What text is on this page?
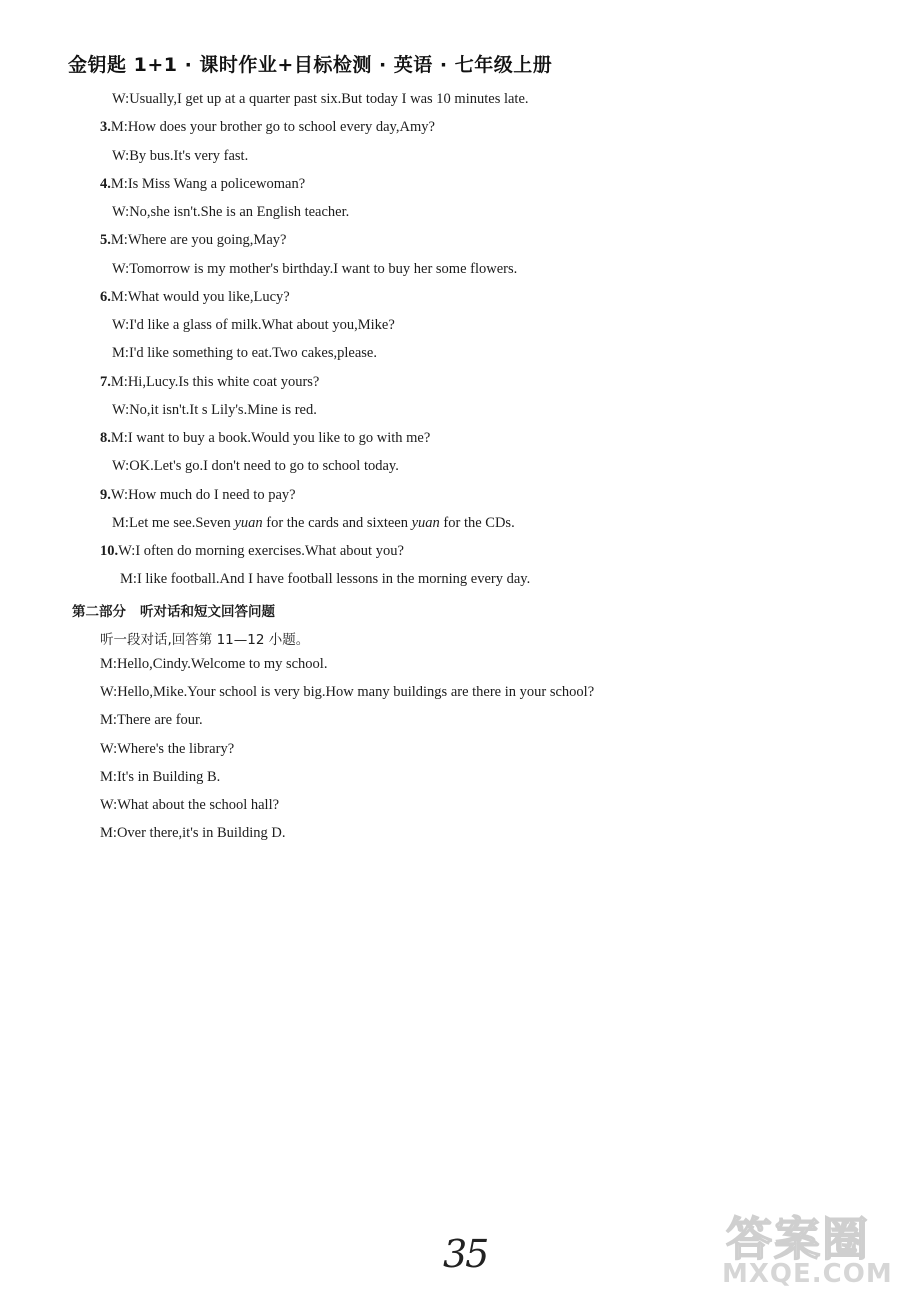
金钥匙 1+1 · 课时作业+目标检测 · 英语 · 七年级上册
W:Usually,I get up at a quarter past six.But today I was 10 minutes late.
3.M:How does your brother go to school every day,Amy?
W:By bus.It's very fast.
4.M:Is Miss Wang a policewoman?
W:No,she isn't.She is an English teacher.
5.M:Where are you going,May?
W:Tomorrow is my mother's birthday.I want to buy her some flowers.
6.M:What would you like,Lucy?
W:I'd like a glass of milk.What about you,Mike?
M:I'd like something to eat.Two cakes,please.
7.M:Hi,Lucy.Is this white coat yours?
W:No,it isn't.It s Lily's.Mine is red.
8.M:I want to buy a book.Would you like to go with me?
W:OK.Let's go.I don't need to go to school today.
9.W:How much do I need to pay?
M:Let me see.Seven yuan for the cards and sixteen yuan for the CDs.
10.W:I often do morning exercises.What about you?
M:I like football.And I have football lessons in the morning every day.
第二部分 听对话和短文回答问题
听一段对话,回答第 11—12 小题。
M:Hello,Cindy.Welcome to my school.
W:Hello,Mike.Your school is very big.How many buildings are there in your school?
M:There are four.
W:Where's the library?
M:It's in Building B.
W:What about the school hall?
M:Over there,it's in Building D.
35	答案圈
MXQE.COM
